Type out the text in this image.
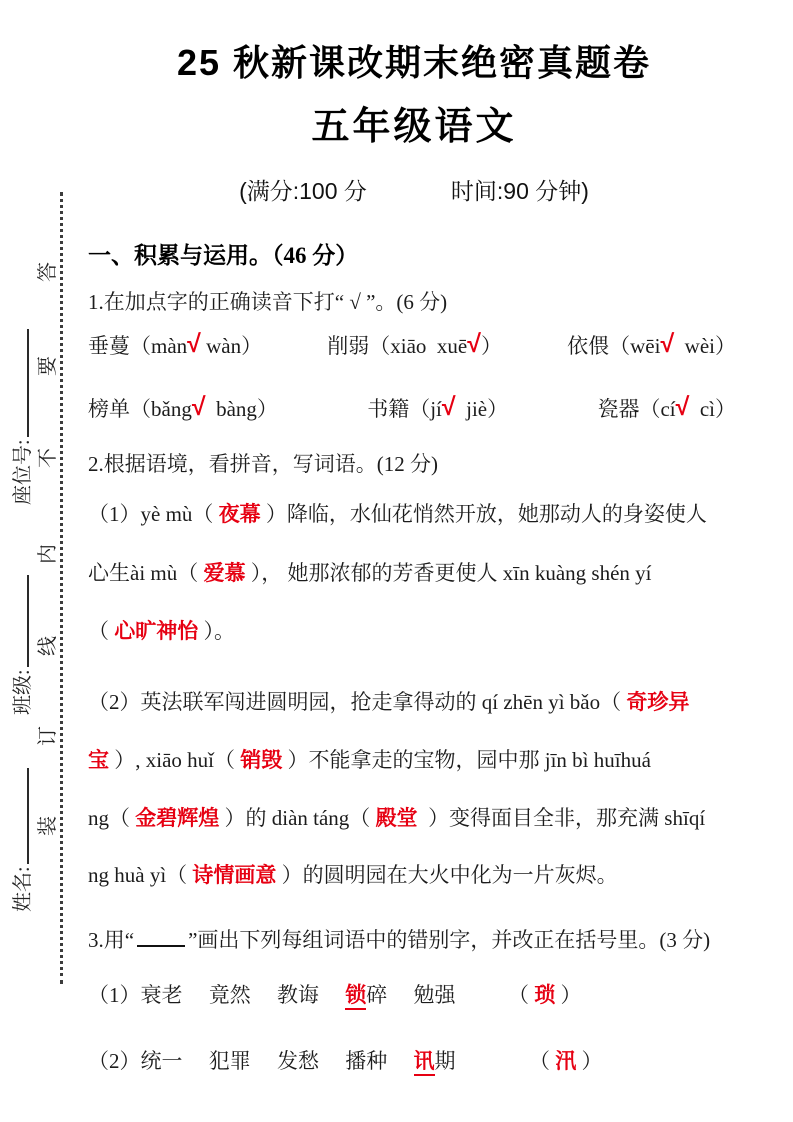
答
要
不
内
线
订
装
座位号:
班级:
姓名:
25 秋新课改期末绝密真题卷
五年级语文
(满分:100 分	时间:90 分钟)
一、积累与运用。（46 分）
1.在加点字的正确读音下打“ √ ”。(6 分)
垂蔓（màn√ wàn）	削弱（xiāo  xuē√）	依偎（wēi√  wèi）
榜单（bǎng√  bàng）	书籍（jí√  jiè）	瓷器（cí√  cì）
2.根据语境，看拼音，写词语。(12 分)
（1）yè mù（ 夜幕 ）降临，水仙花悄然开放，她那动人的身姿使人
心生ài mù（ 爱慕 ）， 她那浓郁的芳香更使人 xīn kuàng shén yí
（ 心旷神怡 ）。
（2）英法联军闯进圆明园，抢走拿得动的 qí zhēn yì bǎo（ 奇珍异
宝 ）, xiāo huǐ（ 销毁 ）不能拿走的宝物，园中那 jīn bì huīhuá
ng（ 金碧辉煌 ）的 diàn táng（ 殿堂  ）变得面目全非，那充满 shīqí
ng huà yì（ 诗情画意 ）的圆明园在大火中化为一片灰烬。
3.用“	”画出下列每组词语中的错别字，并改正在括号里。(3 分)
（1）衰老　 竟然　 教诲　 锁碎　 勉强　　　（ 琐 ）
（2）统一　 犯罪　 发愁　 播种　 讯期　　　　（ 汛 ）
